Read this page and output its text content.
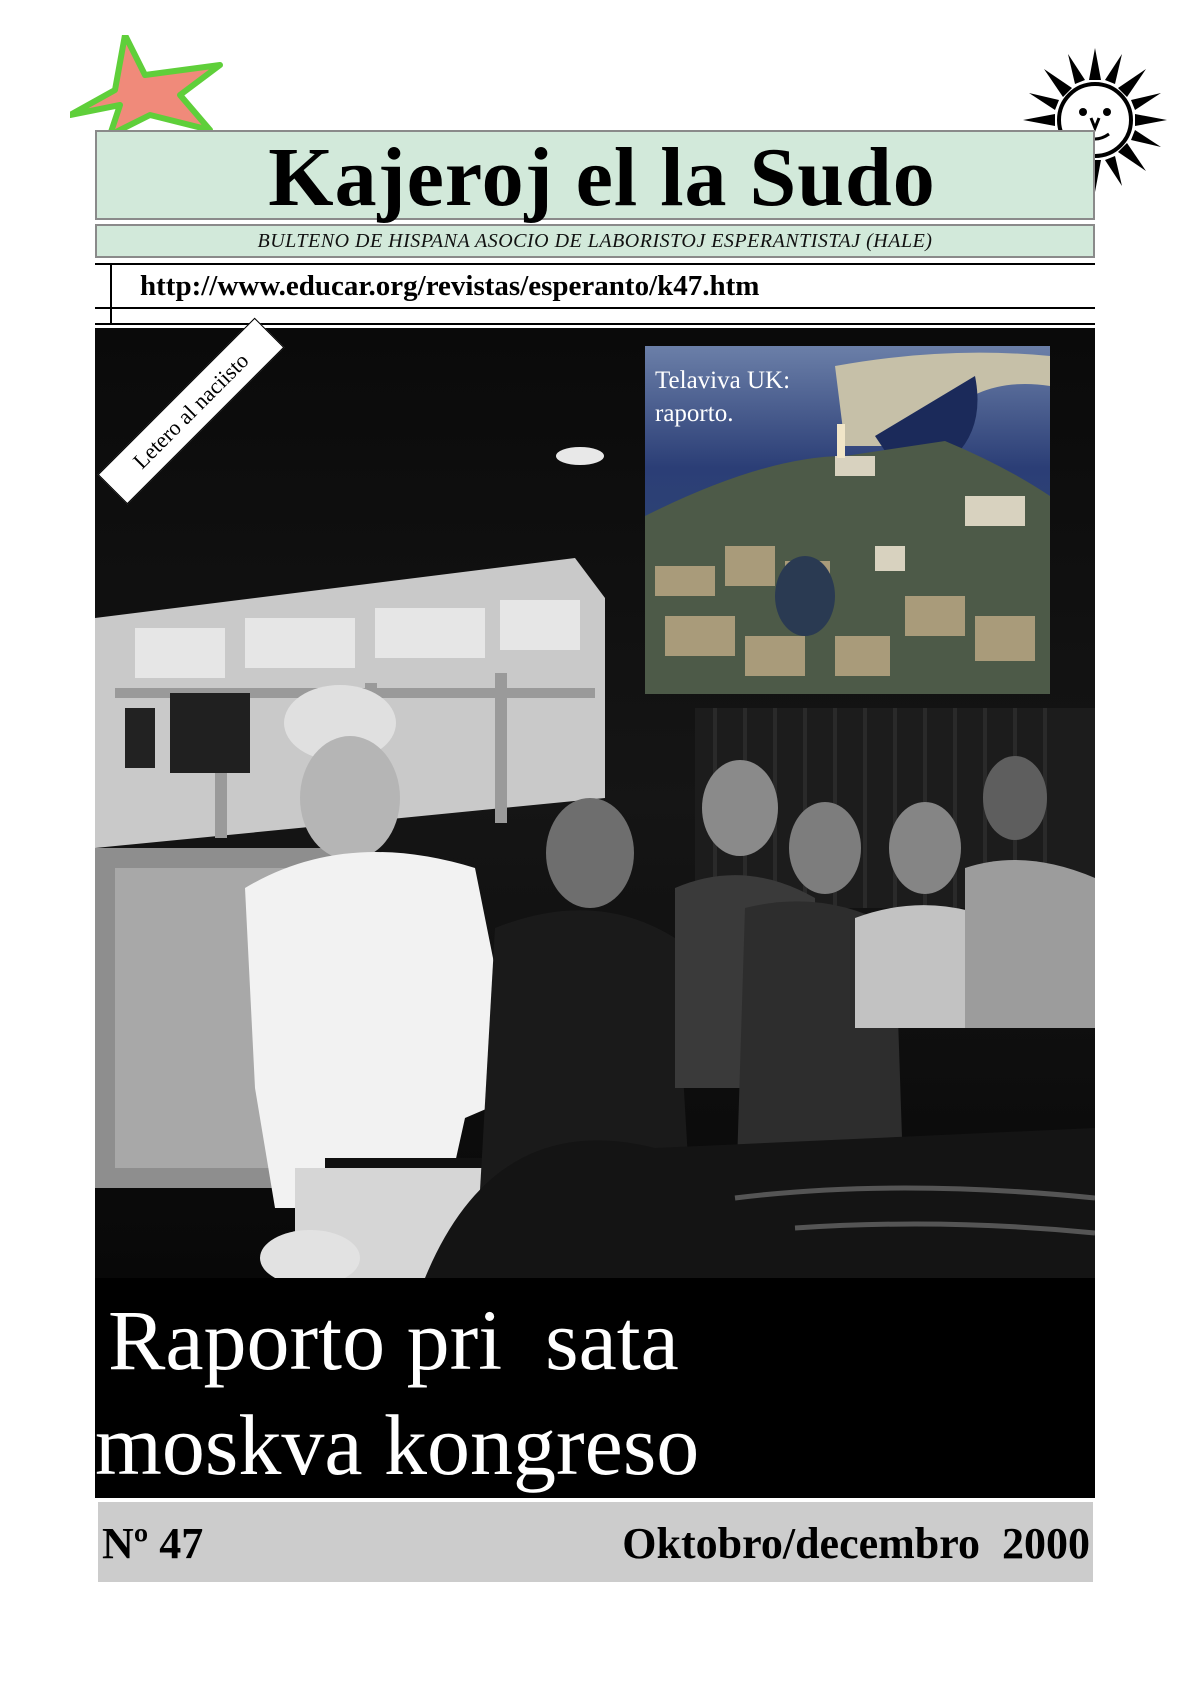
Kajeroj el la Sudo
BULTENO DE HISPANA ASOCIO DE LABORISTOJ ESPERANTISTAJ (HALE)
http://www.educar.org/revistas/esperanto/k47.htm
Letero al naciisto	Telaviva UK:
raporto.
Raporto pri  sata
moskva kongreso
Nº 47	Oktobro/decembro  2000
